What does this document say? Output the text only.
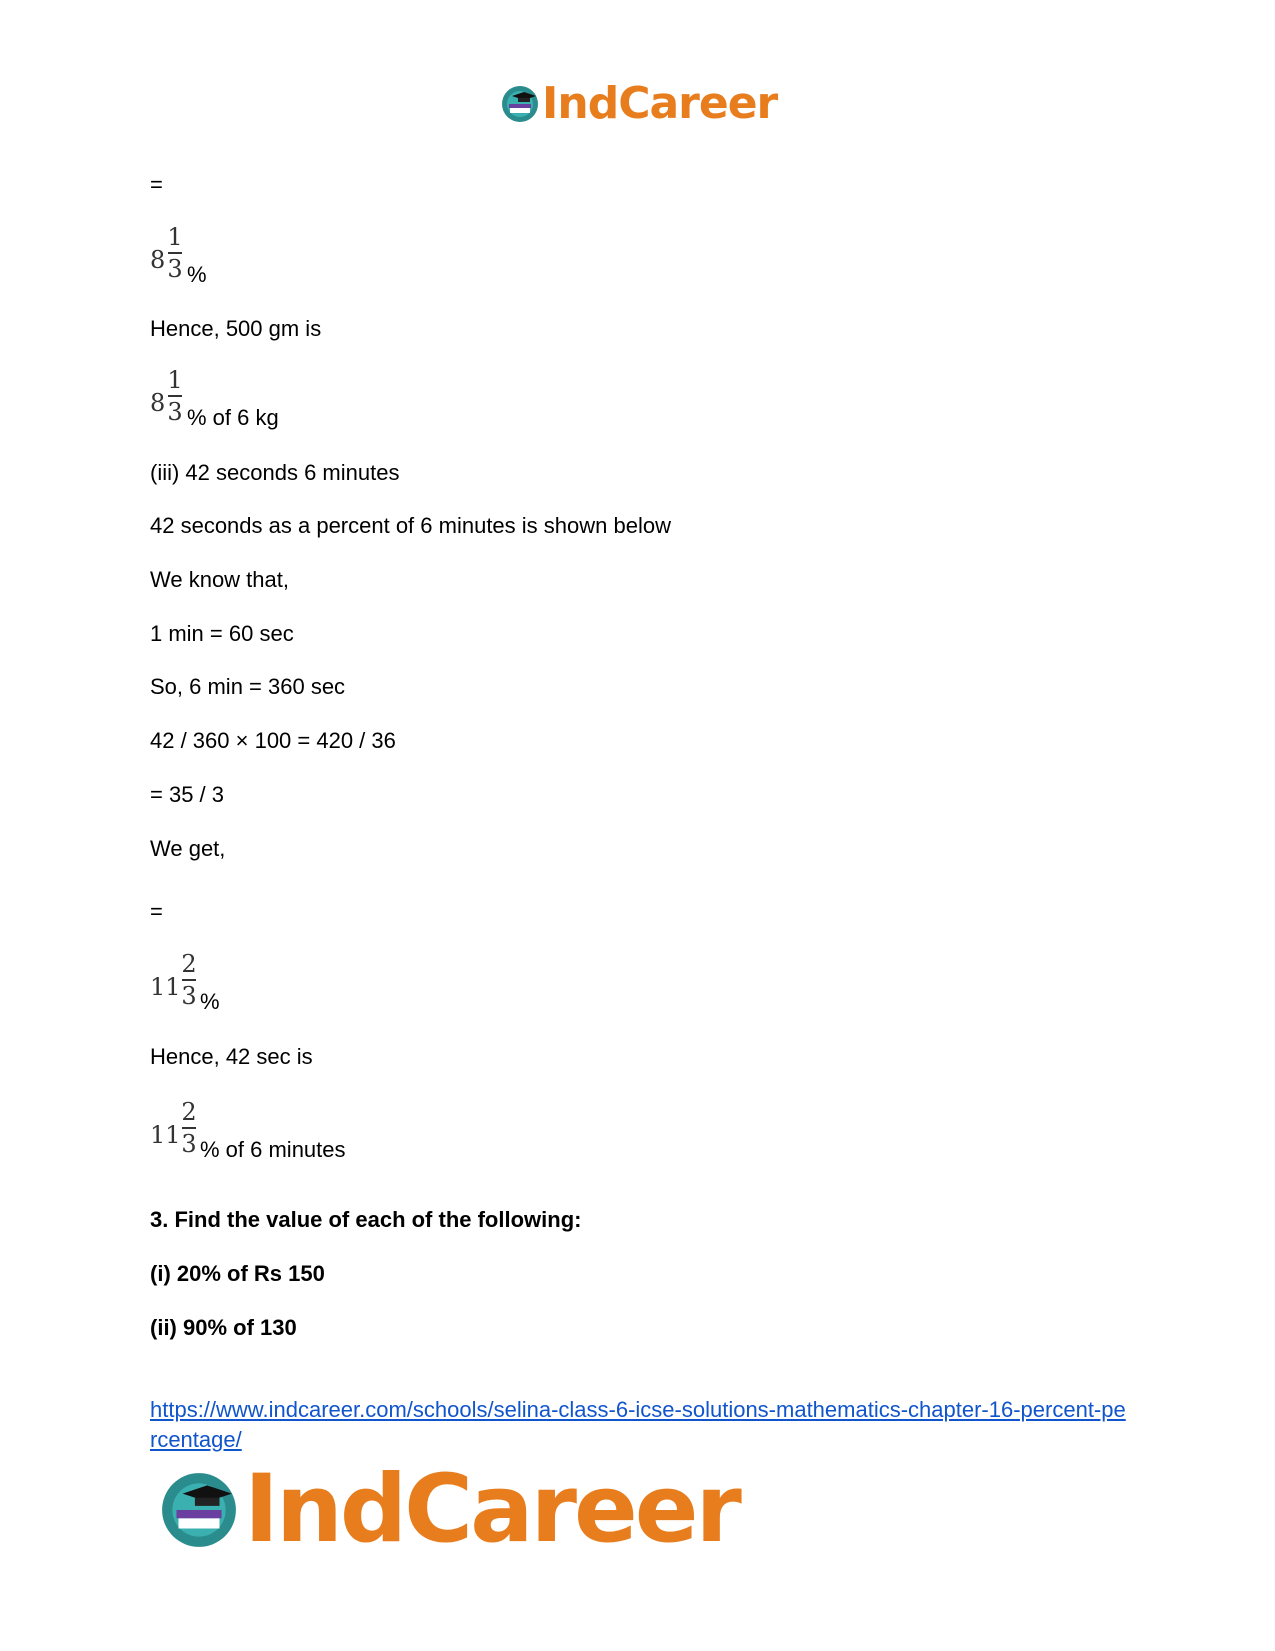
IndCareer
=
8
1
3 %
Hence, 500 gm is
8
1
3 % of 6 kg
(iii) 42 seconds 6 minutes
42 seconds as a percent of 6 minutes is shown below
We know that,
1 min = 60 sec
So, 6 min = 360 sec
42 / 360 × 100 = 420 / 36
= 35 / 3
We get,
=
11
2
3 %
Hence, 42 sec is
11
2
3 % of 6 minutes
3. Find the value of each of the following:
(i) 20% of Rs 150
(ii) 90% of 130
https://www.indcareer.com/schools/selina-class-6-icse-solutions-mathematics-chapter-16-percent-percentage/
IndCareer
